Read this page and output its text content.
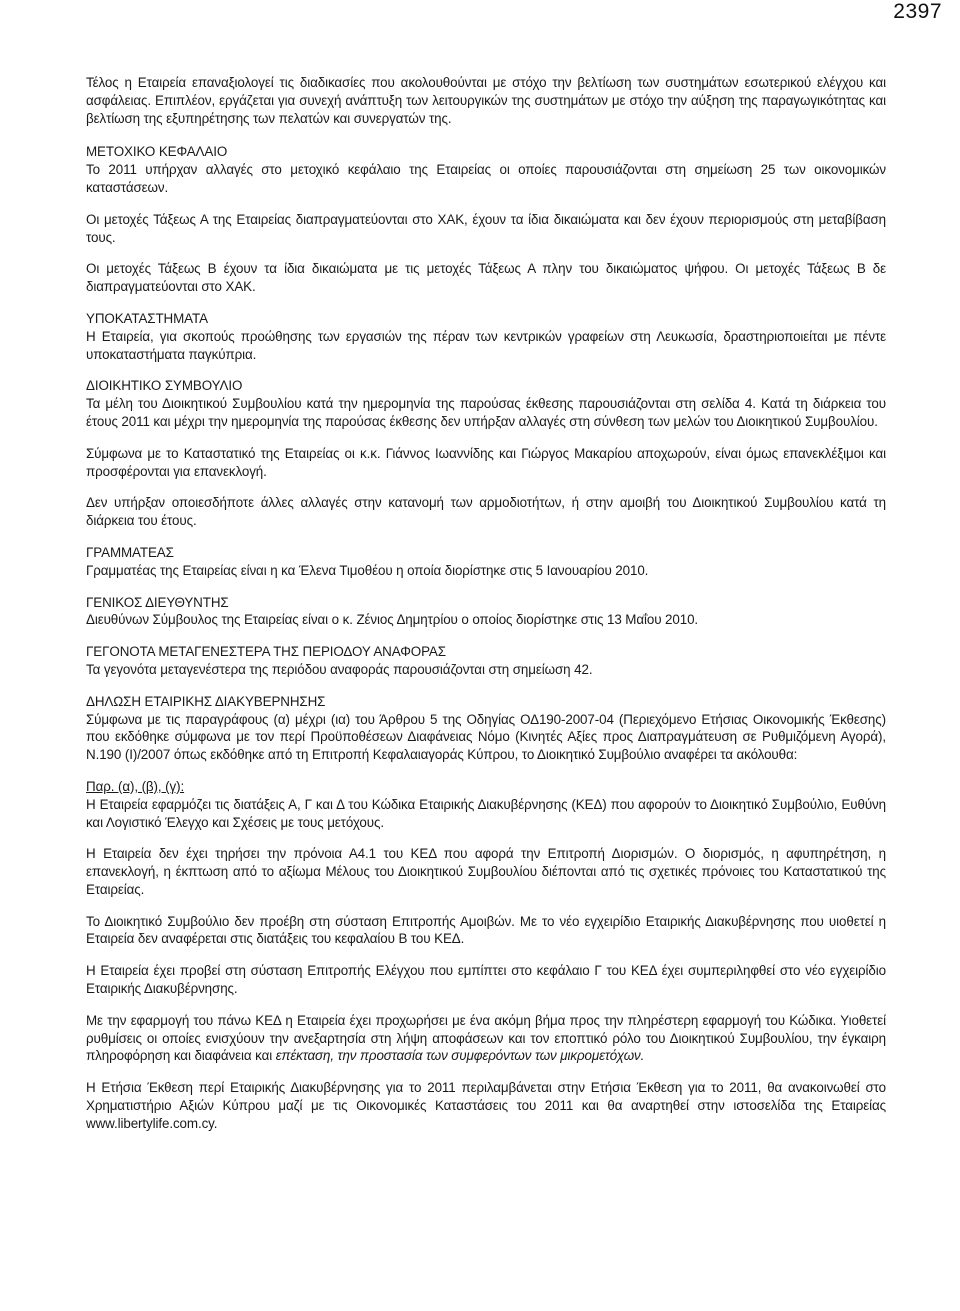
2397

Τέλος η Εταιρεία επαναξιολογεί τις διαδικασίες που ακολουθούνται με στόχο την βελτίωση των συστημάτων εσωτερικού ελέγχου και ασφάλειας. Επιπλέον, εργάζεται για συνεχή ανάπτυξη των λειτουργικών της συστημάτων με στόχο την αύξηση της παραγωγικότητας και βελτίωση της εξυπηρέτησης των πελατών και συνεργατών της.

ΜΕΤΟΧΙΚΟ ΚΕΦΑΛΑΙΟ
Το 2011 υπήρχαν αλλαγές στο μετοχικό κεφάλαιο της Εταιρείας οι οποίες παρουσιάζονται στη σημείωση 25 των οικονομικών καταστάσεων.

Οι μετοχές Τάξεως Α της Εταιρείας διαπραγματεύονται στο ΧΑΚ, έχουν τα ίδια δικαιώματα και δεν έχουν περιορισμούς στη μεταβίβαση τους.

Οι μετοχές Τάξεως Β έχουν τα ίδια δικαιώματα με τις μετοχές Τάξεως Α πλην του δικαιώματος ψήφου. Οι μετοχές Τάξεως Β δε διαπραγματεύονται στο ΧΑΚ.

ΥΠΟΚΑΤΑΣΤΗΜΑΤΑ
Η Εταιρεία, για σκοπούς προώθησης των εργασιών της πέραν των κεντρικών γραφείων στη Λευκωσία, δραστηριοποιείται με πέντε υποκαταστήματα παγκύπρια.

ΔΙΟΙΚΗΤΙΚΟ ΣΥΜΒΟΥΛΙΟ
Τα μέλη του Διοικητικού Συμβουλίου κατά την ημερομηνία της παρούσας έκθεσης παρουσιάζονται στη σελίδα 4. Κατά τη διάρκεια του έτους 2011 και μέχρι την ημερομηνία της παρούσας έκθεσης δεν υπήρξαν αλλαγές στη σύνθεση των μελών του Διοικητικού Συμβουλίου.

Σύμφωνα με το Καταστατικό της Εταιρείας οι κ.κ. Γιάννος Ιωαννίδης και Γιώργος Μακαρίου αποχωρούν, είναι όμως επανεκλέξιμοι και προσφέρονται για επανεκλογή.

Δεν υπήρξαν οποιεσδήποτε άλλες αλλαγές στην κατανομή των αρμοδιοτήτων, ή στην αμοιβή του Διοικητικού Συμβουλίου κατά τη διάρκεια του έτους.

ΓΡΑΜΜΑΤΕΑΣ
Γραμματέας της Εταιρείας είναι η κα Έλενα Τιμοθέου η οποία διορίστηκε στις 5 Ιανουαρίου 2010.

ΓΕΝΙΚΟΣ ΔΙΕΥΘΥΝΤΗΣ
Διευθύνων Σύμβουλος της Εταιρείας είναι ο κ. Ζένιος Δημητρίου ο οποίος διορίστηκε στις 13 Μαΐου 2010.

ΓΕΓΟΝΟΤΑ ΜΕΤΑΓΕΝΕΣΤΕΡΑ ΤΗΣ ΠΕΡΙΟΔΟΥ ΑΝΑΦΟΡΑΣ
Τα γεγονότα μεταγενέστερα της περιόδου αναφοράς παρουσιάζονται στη σημείωση 42.

ΔΗΛΩΣΗ ΕΤΑΙΡΙΚΗΣ ΔΙΑΚΥΒΕΡΝΗΣΗΣ
Σύμφωνα με τις παραγράφους (α) μέχρι (ια) του Άρθρου 5 της Οδηγίας ΟΔ190-2007-04 (Περιεχόμενο Ετήσιας Οικονομικής Έκθεσης) που εκδόθηκε σύμφωνα με τον περί Προϋποθέσεων Διαφάνειας Νόμο (Κινητές Αξίες προς Διαπραγμάτευση σε Ρυθμιζόμενη Αγορά), Ν.190 (Ι)/2007 όπως εκδόθηκε από τη Επιτροπή Κεφαλαιαγοράς Κύπρου, το Διοικητικό Συμβούλιο αναφέρει τα ακόλουθα:

Παρ. (α), (β), (γ):
Η Εταιρεία εφαρμόζει τις διατάξεις Α, Γ και Δ του Κώδικα Εταιρικής Διακυβέρνησης (ΚΕΔ) που αφορούν το Διοικητικό Συμβούλιο, Ευθύνη και Λογιστικό Έλεγχο και Σχέσεις με τους μετόχους.

Η Εταιρεία δεν έχει τηρήσει την πρόνοια Α4.1 του ΚΕΔ που αφορά την Επιτροπή Διορισμών. Ο διορισμός, η αφυπηρέτηση, η επανεκλογή, η έκπτωση από το αξίωμα Μέλους του Διοικητικού Συμβουλίου διέπονται από τις σχετικές πρόνοιες του Καταστατικού της Εταιρείας.

Το Διοικητικό Συμβούλιο δεν προέβη στη σύσταση Επιτροπής Αμοιβών. Με το νέο εγχειρίδιο Εταιρικής Διακυβέρνησης που υιοθετεί η Εταιρεία δεν αναφέρεται στις διατάξεις του κεφαλαίου Β του ΚΕΔ.

Η Εταιρεία έχει προβεί στη σύσταση Επιτροπής Ελέγχου που εμπίπτει στο κεφάλαιο Γ του ΚΕΔ έχει συμπεριληφθεί στο νέο εγχειρίδιο Εταιρικής Διακυβέρνησης.

Με την εφαρμογή του πάνω ΚΕΔ η Εταιρεία έχει προχωρήσει με ένα ακόμη βήμα προς την πληρέστερη εφαρμογή του Κώδικα. Υιοθετεί ρυθμίσεις οι οποίες ενισχύουν την ανεξαρτησία στη λήψη αποφάσεων και τον εποπτικό ρόλο του Διοικητικού Συμβουλίου, την έγκαιρη πληροφόρηση και διαφάνεια και επέκταση, την προστασία των συμφερόντων των μικρομετόχων.

Η Ετήσια Έκθεση περί Εταιρικής Διακυβέρνησης για το 2011 περιλαμβάνεται στην Ετήσια Έκθεση για το 2011, θα ανακοινωθεί στο Χρηματιστήριο Αξιών Κύπρου μαζί με τις Οικονομικές Καταστάσεις του 2011 και θα αναρτηθεί στην ιστοσελίδα της Εταιρείας www.libertylife.com.cy.
